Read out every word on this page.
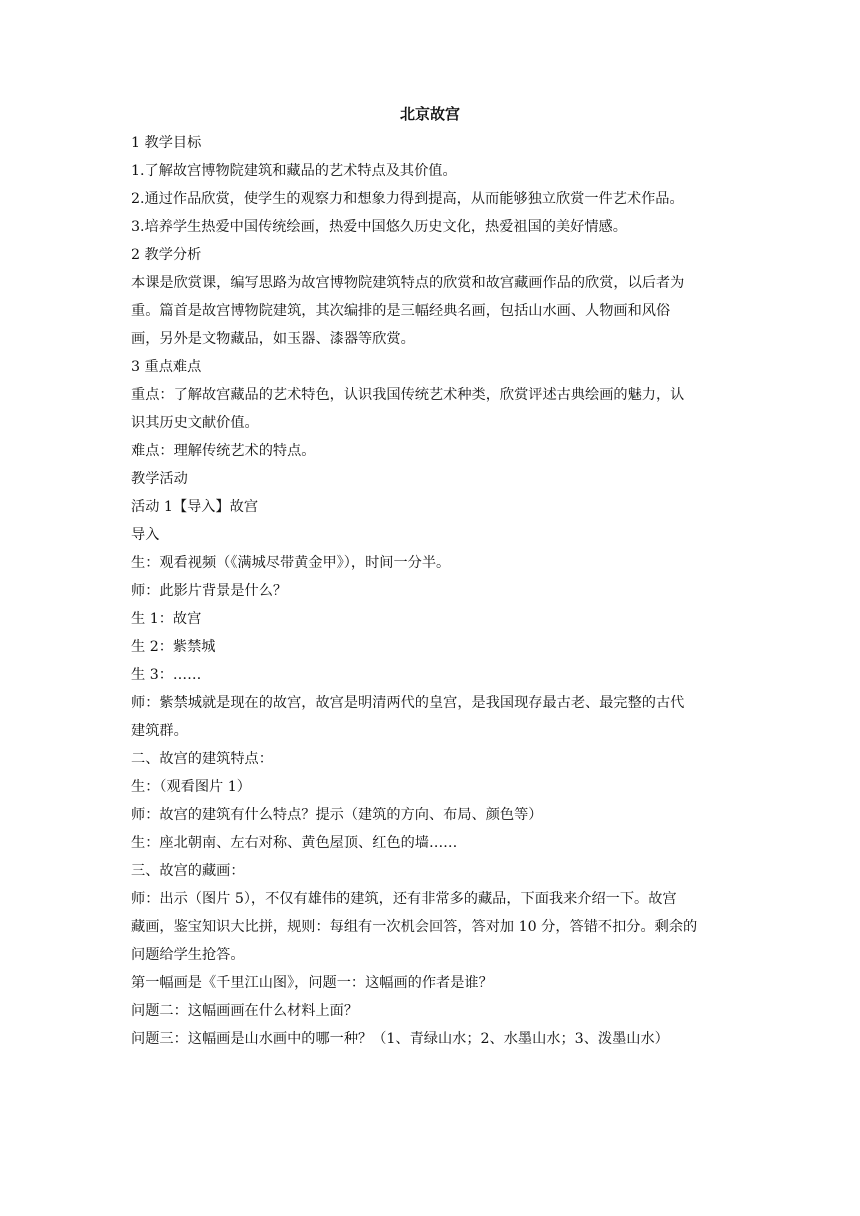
北京故宫
1 教学目标
1.了解故宫博物院建筑和藏品的艺术特点及其价值。
2.通过作品欣赏，使学生的观察力和想象力得到提高，从而能够独立欣赏一件艺术作品。
3.培养学生热爱中国传统绘画，热爱中国悠久历史文化，热爱祖国的美好情感。
2 教学分析
本课是欣赏课，编写思路为故宫博物院建筑特点的欣赏和故宫藏画作品的欣赏，以后者为
重。篇首是故宫博物院建筑，其次编排的是三幅经典名画，包括山水画、人物画和风俗
画，另外是文物藏品，如玉器、漆器等欣赏。
3 重点难点
重点：了解故宫藏品的艺术特色，认识我国传统艺术种类，欣赏评述古典绘画的魅力，认
识其历史文献价值。
难点：理解传统艺术的特点。
教学活动
活动 1【导入】故宫
导入
生：观看视频（《满城尽带黄金甲》），时间一分半。
师：此影片背景是什么？
生 1：故宫
生 2：紫禁城
生 3：……
师：紫禁城就是现在的故宫，故宫是明清两代的皇宫，是我国现存最古老、最完整的古代
建筑群。
二、故宫的建筑特点：
生：（观看图片 1）
师：故宫的建筑有什么特点？提示（建筑的方向、布局、颜色等）
生：座北朝南、左右对称、黄色屋顶、红色的墙……
三、故宫的藏画：
师：出示（图片 5），不仅有雄伟的建筑，还有非常多的藏品，下面我来介绍一下。故宫
藏画，鉴宝知识大比拼，规则：每组有一次机会回答，答对加 10 分，答错不扣分。剩余的
问题给学生抢答。
第一幅画是《千里江山图》，问题一：这幅画的作者是谁？
问题二：这幅画画在什么材料上面？
问题三：这幅画是山水画中的哪一种？（1、青绿山水；2、水墨山水；3、泼墨山水）
